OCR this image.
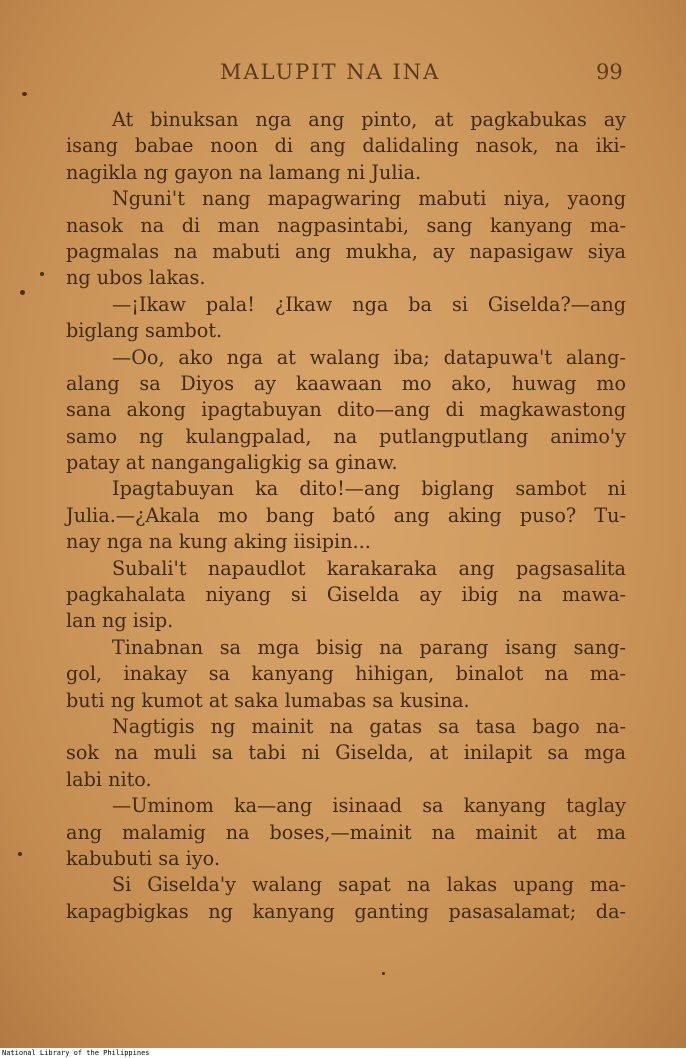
MALUPIT NA INA	99
At binuksan nga ang pinto, at pagkabukas ay
isang babae noon di ang dalidaling nasok, na iki-
nagikla ng gayon na lamang ni Julia.
Nguni't nang mapagwaring mabuti niya, yaong
nasok na di man nagpasintabi, sang kanyang ma-
pagmalas na mabuti ang mukha, ay napasigaw siya
ng ubos lakas.
—¡Ikaw pala! ¿Ikaw nga ba si Giselda?—ang
biglang sambot.
—Oo, ako nga at walang iba; datapuwa't alang-
alang sa Diyos ay kaawaan mo ako, huwag mo
sana akong ipagtabuyan dito—ang di magkawastong
samo ng kulangpalad, na putlangputlang animo'y
patay at nangangaligkig sa ginaw.
Ipagtabuyan ka dito!—ang biglang sambot ni
Julia.—¿Akala mo bang bató ang aking puso? Tu-
nay nga na kung aking iisipin...
Subali't napaudlot karakaraka ang pagsasalita
pagkahalata niyang si Giselda ay ibig na mawa-
lan ng isip.
Tinabnan sa mga bisig na parang isang sang-
gol, inakay sa kanyang hihigan, binalot na ma-
buti ng kumot at saka lumabas sa kusina.
Nagtigis ng mainit na gatas sa tasa bago na-
sok na muli sa tabi ni Giselda, at inilapit sa mga
labi nito.
—Uminom ka—ang isinaad sa kanyang taglay
ang malamig na boses,—mainit na mainit at ma
kabubuti sa iyo.
Si Giselda'y walang sapat na lakas upang ma-
kapagbigkas ng kanyang ganting pasasalamat; da-
National Library of the Philippines
